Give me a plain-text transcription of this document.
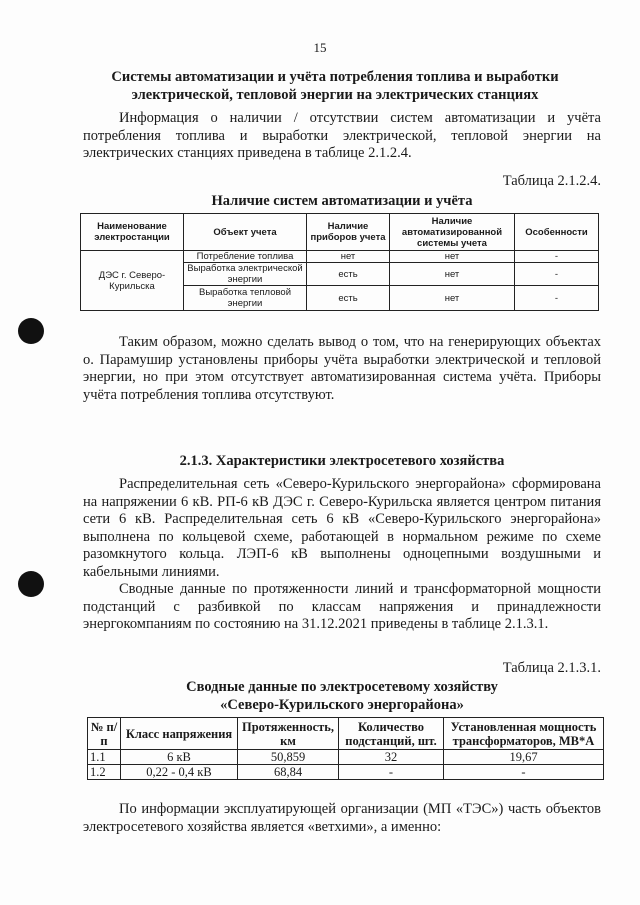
15
Системы автоматизации и учёта потребления топлива и выработки
электрической, тепловой энергии на электрических станциях
Информация о наличии / отсутствии систем автоматизации и учёта потребления топлива и выработки электрической, тепловой энергии на электрических станциях приведена в таблице 2.1.2.4.
Таблица 2.1.2.4.
Наличие систем автоматизации и учёта
Наименование электростанции	Объект учета	Наличие приборов учета	Наличие автоматизированной системы учета	Особенности
ДЭС г. Северо-Курильска	Потребление топлива	нет	нет	-
	Выработка электрической энергии	есть	нет	-
	Выработка тепловой энергии	есть	нет	-
Таким образом, можно сделать вывод о том, что на генерирующих объектах о. Парамушир установлены приборы учёта выработки электрической и тепловой энергии, но при этом отсутствует автоматизированная система учёта. Приборы учёта потребления топлива отсутствуют.
2.1.3. Характеристики электросетевого хозяйства
Распределительная сеть «Северо-Курильского энергорайона» сформирована на напряжении 6 кВ. РП-6 кВ ДЭС г. Северо-Курильска является центром питания сети 6 кВ. Распределительная сеть 6 кВ «Северо-Курильского энергорайона» выполнена по кольцевой схеме, работающей в нормальном режиме по схеме разомкнутого кольца. ЛЭП-6 кВ выполнены одноцепными воздушными и кабельными линиями.
Сводные данные по протяженности линий и трансформаторной мощности подстанций с разбивкой по классам напряжения и принадлежности энергокомпаниям по состоянию на 31.12.2021 приведены в таблице 2.1.3.1.
Таблица 2.1.3.1.
Сводные данные по электросетевому хозяйству
«Северо-Курильского энергорайона»
№ п/п	Класс напряжения	Протяженность, км	Количество подстанций, шт.	Установленная мощность трансформаторов, МВ*А
1.1	6 кВ	50,859	32	19,67
1.2	0,22 - 0,4 кВ	68,84	-	-
По информации эксплуатирующей организации (МП «ТЭС») часть объектов электросетевого хозяйства является «ветхими», а именно:
